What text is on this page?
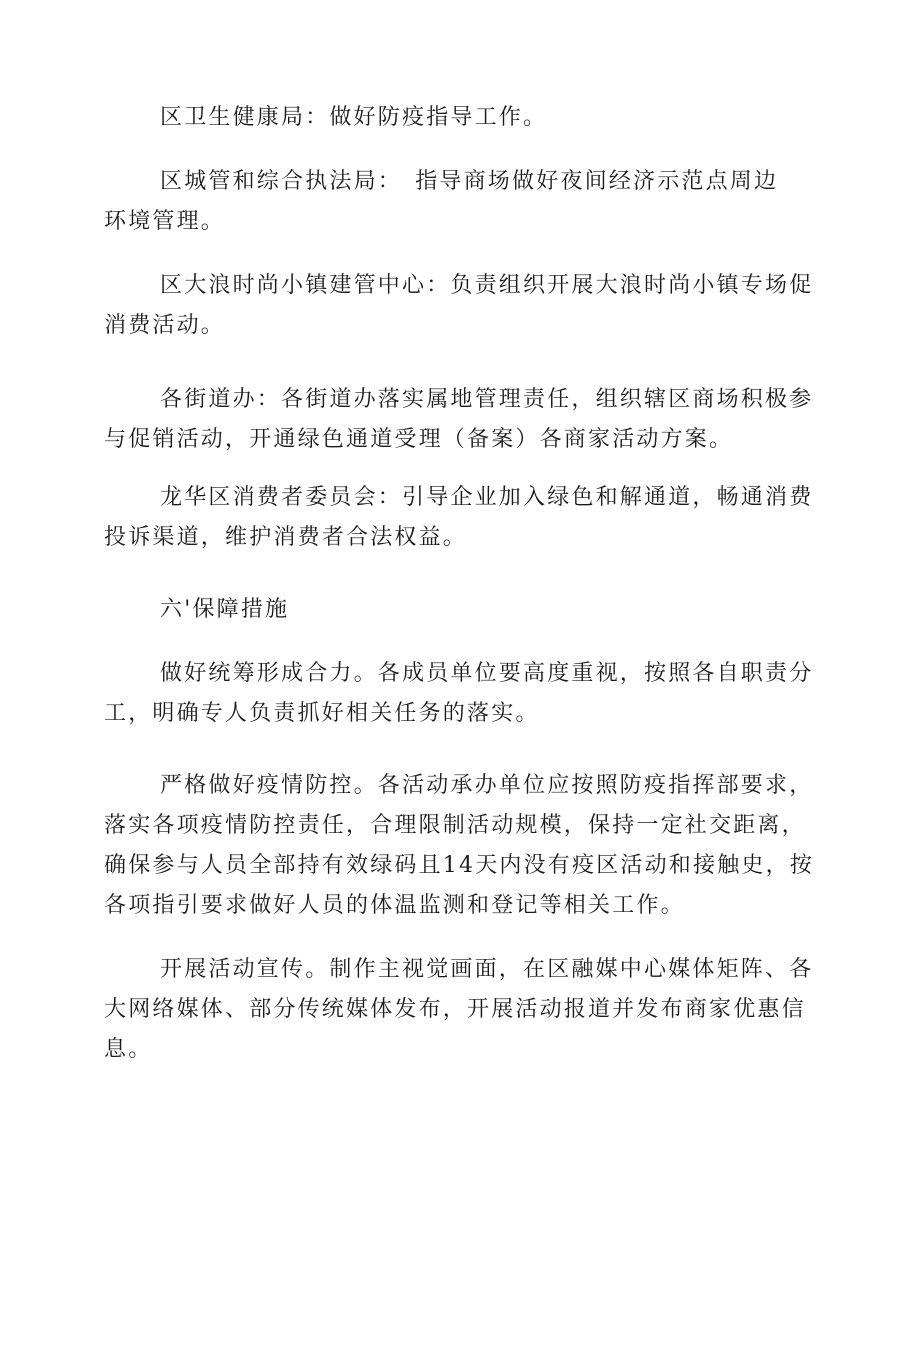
区卫生健康局：做好防疫指导工作。

区城管和综合执法局：　指导商场做好夜间经济示范点周边环境管理。

区大浪时尚小镇建管中心：负责组织开展大浪时尚小镇专场促消费活动。

各街道办：各街道办落实属地管理责任，组织辖区商场积极参与促销活动，开通绿色通道受理（备案）各商家活动方案。

龙华区消费者委员会：引导企业加入绿色和解通道，畅通消费投诉渠道，维护消费者合法权益。

六'保障措施

做好统筹形成合力。各成员单位要高度重视，按照各自职责分工，明确专人负责抓好相关任务的落实。

严格做好疫情防控。各活动承办单位应按照防疫指挥部要求，落实各项疫情防控责任，合理限制活动规模，保持一定社交距离，确保参与人员全部持有效绿码且14天内没有疫区活动和接触史，按各项指引要求做好人员的体温监测和登记等相关工作。

开展活动宣传。制作主视觉画面，在区融媒中心媒体矩阵、各大网络媒体、部分传统媒体发布，开展活动报道并发布商家优惠信息。
